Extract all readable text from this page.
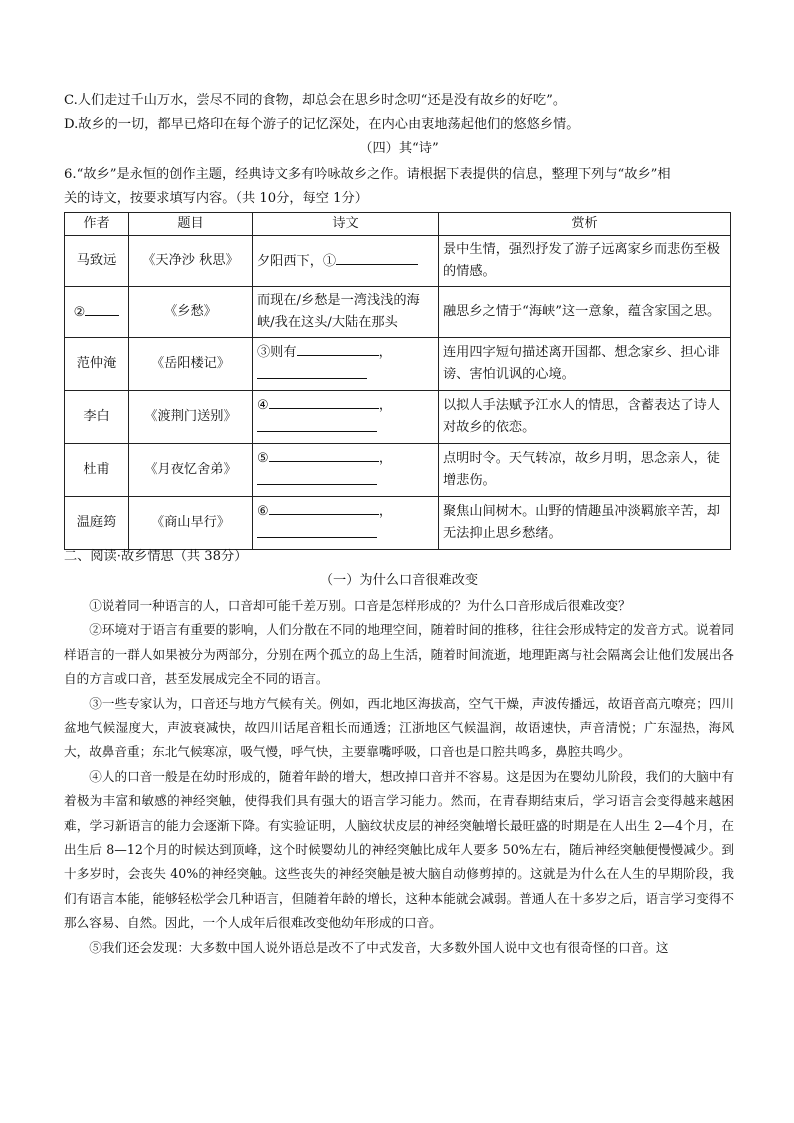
C.人们走过千山万水，尝尽不同的食物，却总会在思乡时念叨“还是没有故乡的好吃”。
D.故乡的一切，都早已烙印在每个游子的记忆深处，在内心由衷地荡起他们的悠悠乡情。
（四）其“诗”
6.“故乡”是永恒的创作主题，经典诗文多有吟咏故乡之作。请根据下表提供的信息，整理下列与“故乡”相
关的诗文，按要求填写内容。（共 10分，每空 1分）
作者	题目	诗文	赏析
马致远	《天净沙 秋思》	夕阳西下，①	景中生情，强烈抒发了游子远离家乡而悲伤至极的情感。
②	《乡愁》	而现在/乡愁是一湾浅浅的海峡/我在这头/大陆在那头	融思乡之情于“海峡”这一意象，蕴含家国之思。
范仲淹	《岳阳楼记》	③则有 ，	连用四字短句描述离开国都、想念家乡、担心诽谤、害怕讥讽的心境。
李白	《渡荆门送别》	④ ，	以拟人手法赋予江水人的情思，含蓄表达了诗人对故乡的依恋。
杜甫	《月夜忆舍弟》	⑤ ，	点明时令。天气转凉，故乡月明，思念亲人，徒增悲伤。
温庭筠	《商山早行》	⑥ ，	聚焦山间树木。山野的情趣虽冲淡羁旅辛苦，却无法抑止思乡愁绪。
二、阅读·故乡情思（共 38分）
（一）为什么口音很难改变

①说着同一种语言的人，口音却可能千差万别。口音是怎样形成的？为什么口音形成后很难改变？

②环境对于语言有重要的影响，人们分散在不同的地理空间，随着时间的推移，往往会形成特定的发音方式。说着同样语言的一群人如果被分为两部分，分别在两个孤立的岛上生活，随着时间流逝，地理距离与社会隔离会让他们发展出各自的方言或口音，甚至发展成完全不同的语言。

③一些专家认为，口音还与地方气候有关。例如，西北地区海拔高，空气干燥，声波传播远，故语音高亢嘹亮；四川盆地气候湿度大，声波衰减快，故四川话尾音粗长而通透；江浙地区气候温润，故语速快，声音清悦；广东湿热，海风大，故鼻音重；东北气候寒凉，吸气慢，呼气快，主要靠嘴呼吸，口音也是口腔共鸣多，鼻腔共鸣少。

④人的口音一般是在幼时形成的，随着年龄的增大，想改掉口音并不容易。这是因为在婴幼儿阶段，我们的大脑中有着极为丰富和敏感的神经突触，使得我们具有强大的语言学习能力。然而，在青春期结束后，学习语言会变得越来越困难，学习新语言的能力会逐渐下降。有实验证明，人脑纹状皮层的神经突触增长最旺盛的时期是在人出生 2—4个月，在出生后 8—12个月的时候达到顶峰，这个时候婴幼儿的神经突触比成年人要多 50%左右，随后神经突触便慢慢减少。到十多岁时，会丧失 40%的神经突触。这些丧失的神经突触是被大脑自动修剪掉的。这就是为什么在人生的早期阶段，我们有语言本能，能够轻松学会几种语言，但随着年龄的增长，这种本能就会减弱。普通人在十多岁之后，语言学习变得不那么容易、自然。因此，一个人成年后很难改变他幼年形成的口音。

⑤我们还会发现：大多数中国人说外语总是改不了中式发音，大多数外国人说中文也有很奇怪的口音。这
